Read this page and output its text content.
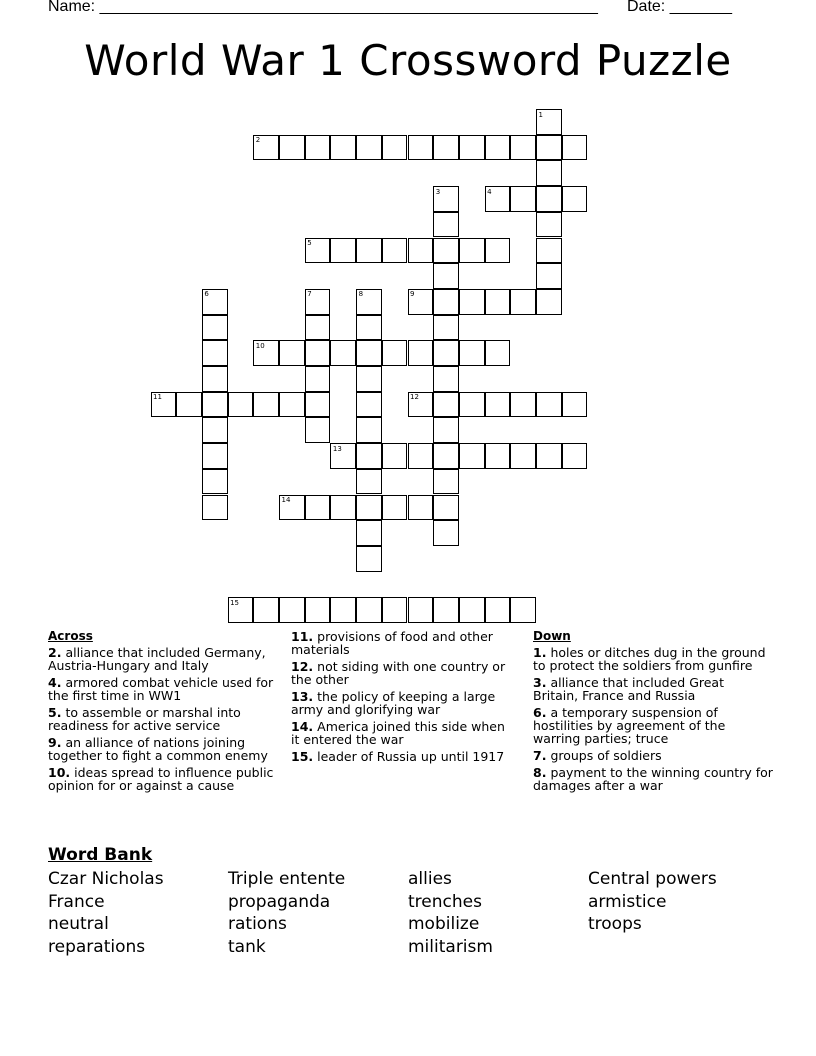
Name: ________________________________________________________ Date: _______
World War 1 Crossword Puzzle
1
2
3	4
5
6	7	8	9
10
11	12
13
14
15
Across
2. alliance that included Germany, Austria-Hungary and Italy
4. armored combat vehicle used for the first time in WW1
5. to assemble or marshal into readiness for active service
9. an alliance of nations joining together to fight a common enemy
10. ideas spread to influence public opinion for or against a cause
11. provisions of food and other materials
12. not siding with one country or the other
13. the policy of keeping a large army and glorifying war
14. America joined this side when it entered the war
15. leader of Russia up until 1917
Down
1. holes or ditches dug in the ground to protect the soldiers from gunfire
3. alliance that included Great Britain, France and Russia
6. a temporary suspension of hostilities by agreement of the warring parties; truce
7. groups of soldiers
8. payment to the winning country for damages after a war
Word Bank
Czar Nicholas
France
neutral
reparations
Triple entente
propaganda
rations
tank
allies
trenches
mobilize
militarism
Central powers
armistice
troops
